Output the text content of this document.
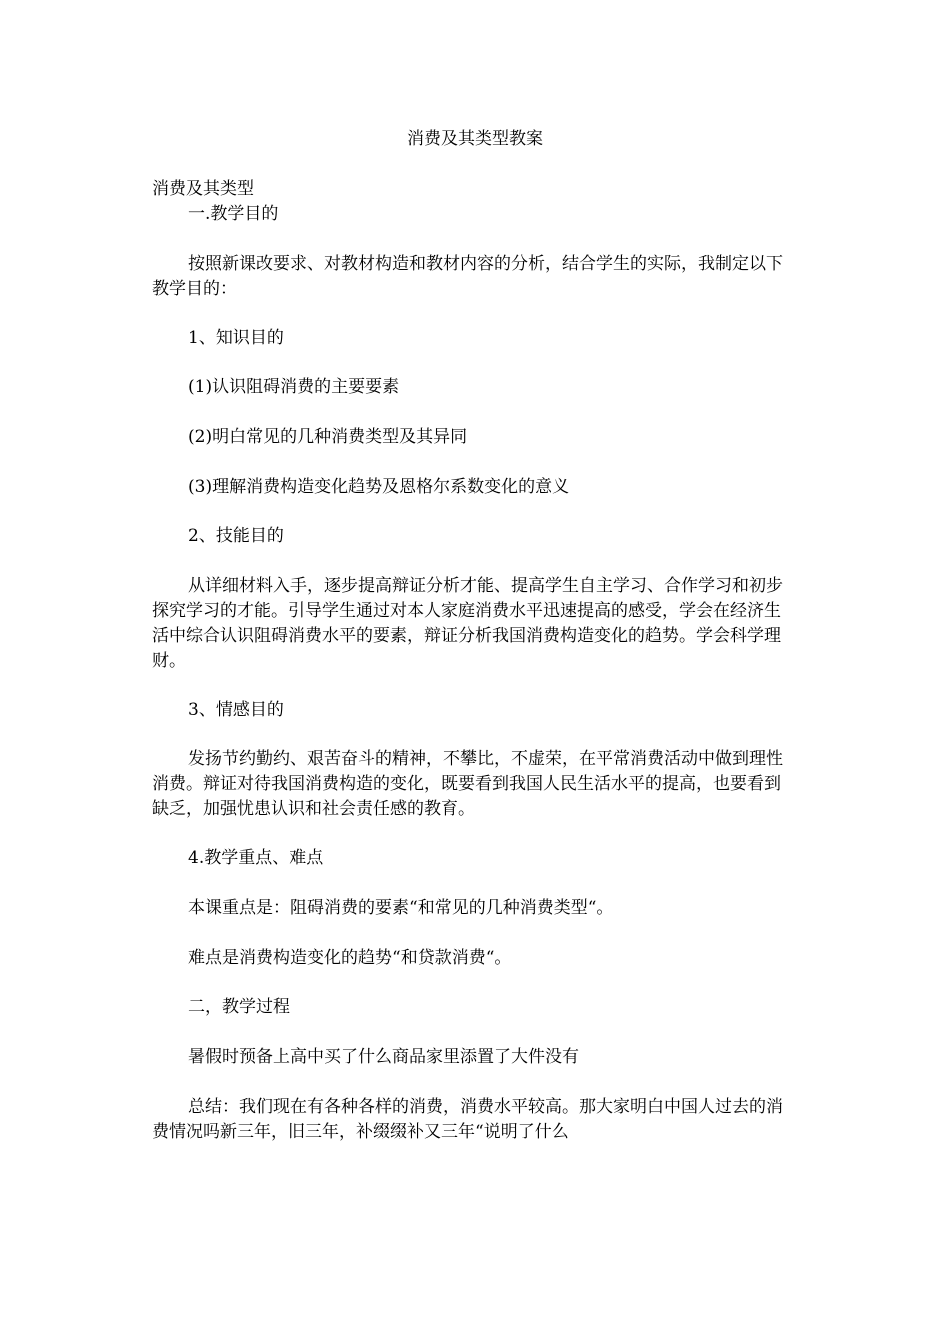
消费及其类型教案
消费及其类型
一.教学目的
按照新课改要求、对教材构造和教材内容的分析，结合学生的实际，我制定以下教学目的：
1、知识目的
(1)认识阻碍消费的主要要素
(2)明白常见的几种消费类型及其异同
(3)理解消费构造变化趋势及恩格尔系数变化的意义
2、技能目的
从详细材料入手，逐步提高辩证分析才能、提高学生自主学习、合作学习和初步探究学习的才能。引导学生通过对本人家庭消费水平迅速提高的感受，学会在经济生活中综合认识阻碍消费水平的要素，辩证分析我国消费构造变化的趋势。学会科学理财。
3、情感目的
发扬节约勤约、艰苦奋斗的精神，不攀比，不虚荣，在平常消费活动中做到理性消费。辩证对待我国消费构造的变化，既要看到我国人民生活水平的提高，也要看到缺乏，加强忧患认识和社会责任感的教育。
4.教学重点、难点
本课重点是：阻碍消费的要素“和常见的几种消费类型“。
难点是消费构造变化的趋势“和贷款消费“。
二，教学过程
暑假时预备上高中买了什么商品家里添置了大件没有
总结：我们现在有各种各样的消费，消费水平较高。那大家明白中国人过去的消费情况吗新三年，旧三年，补缀缀补又三年“说明了什么
